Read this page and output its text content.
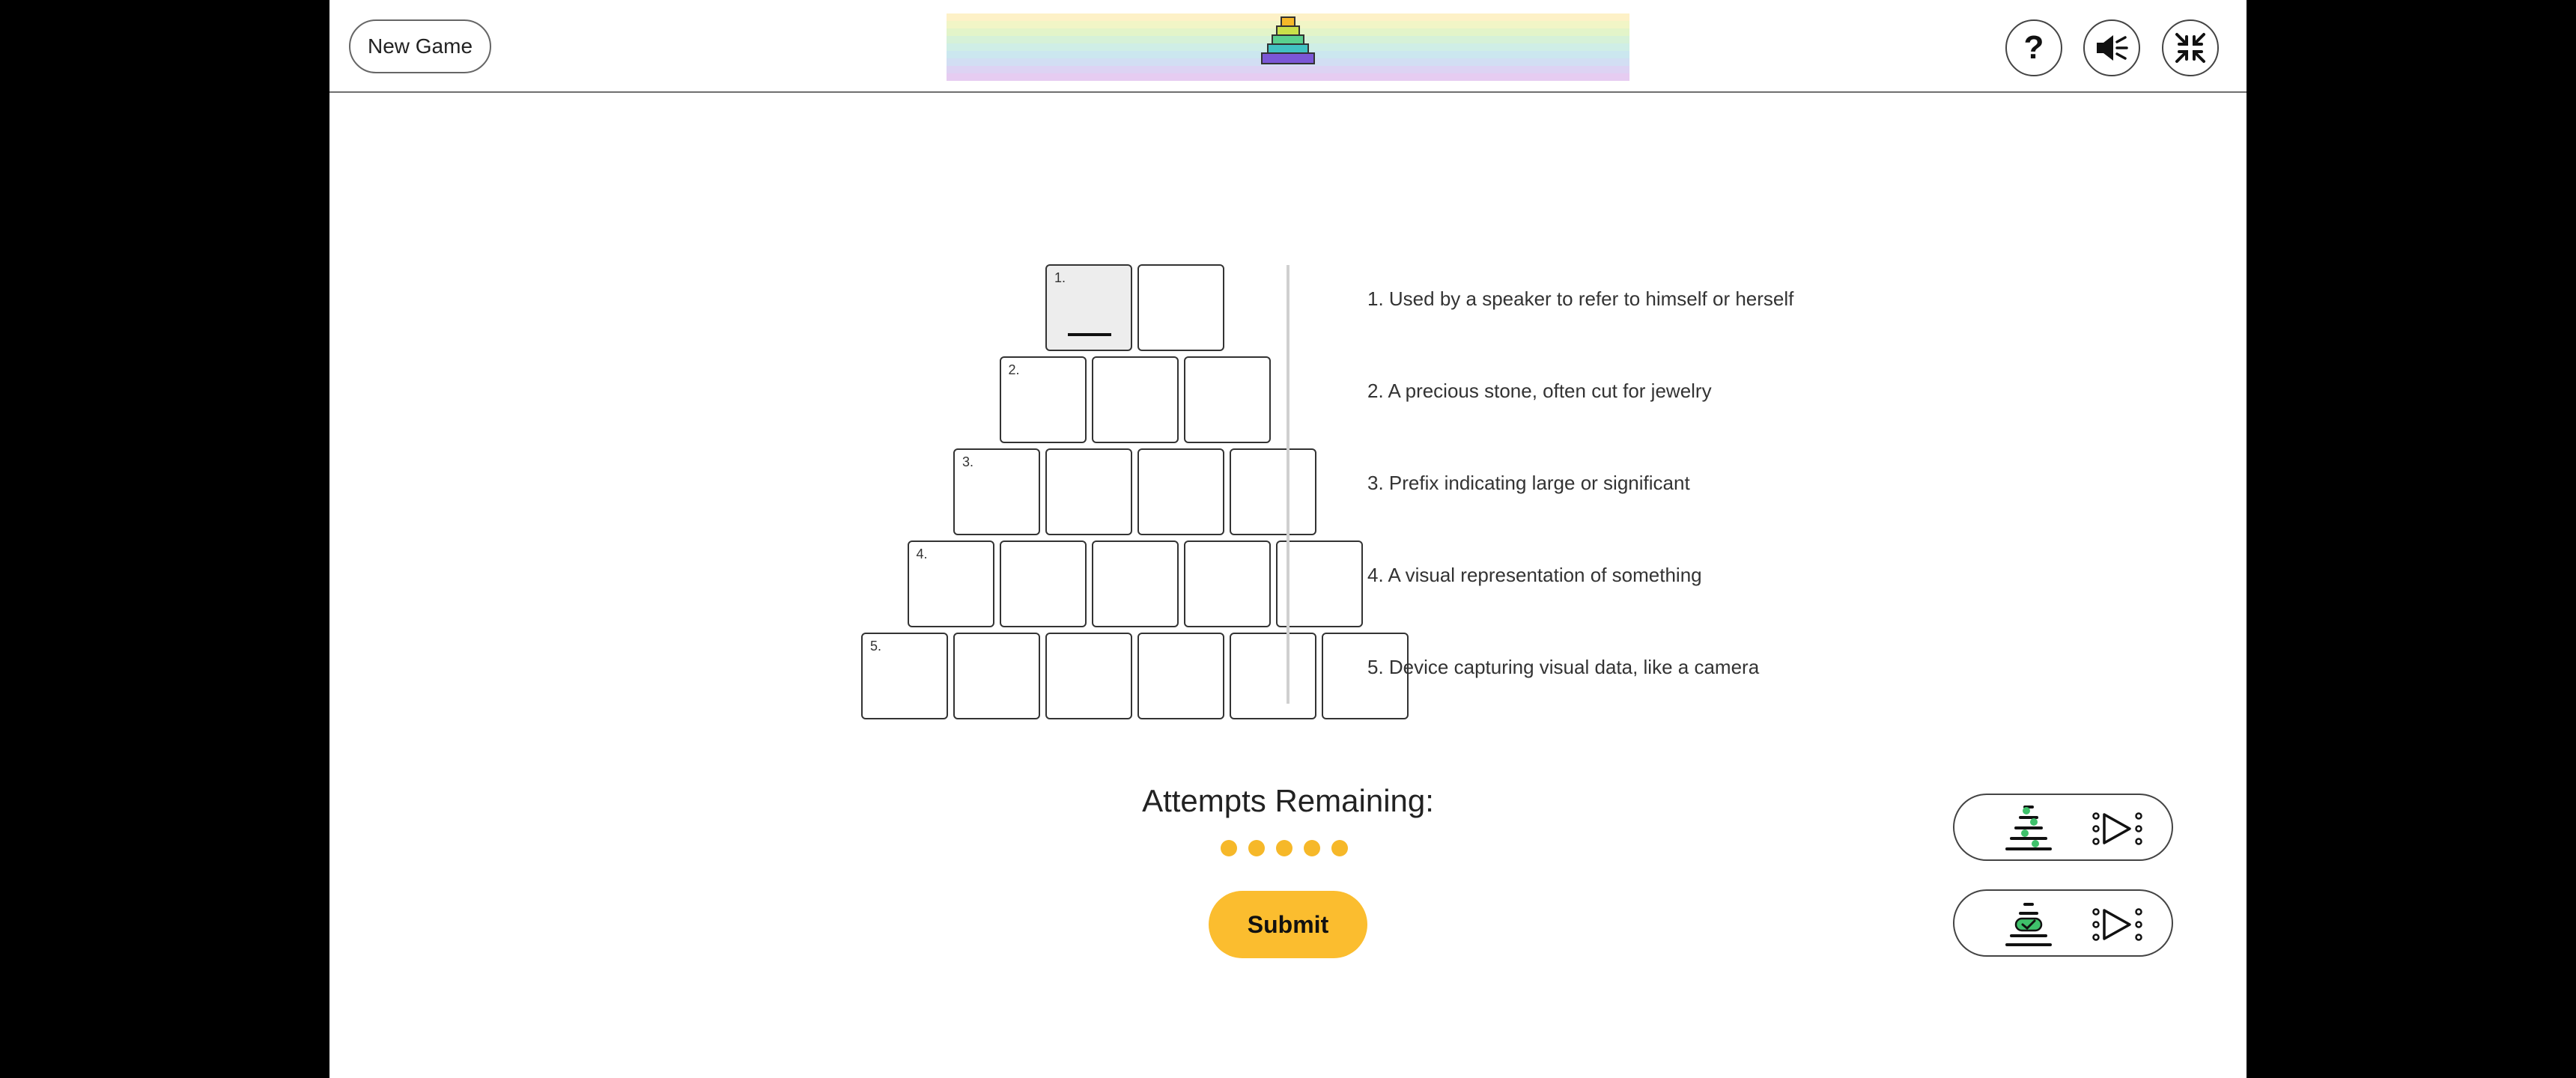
New Game	?
1.
2.
3.
4.
5.
1. Used by a speaker to refer to himself or herself
2. A precious stone, often cut for jewelry
3. Prefix indicating large or significant
4. A visual representation of something
5. Device capturing visual data, like a camera
Attempts Remaining:
Submit
